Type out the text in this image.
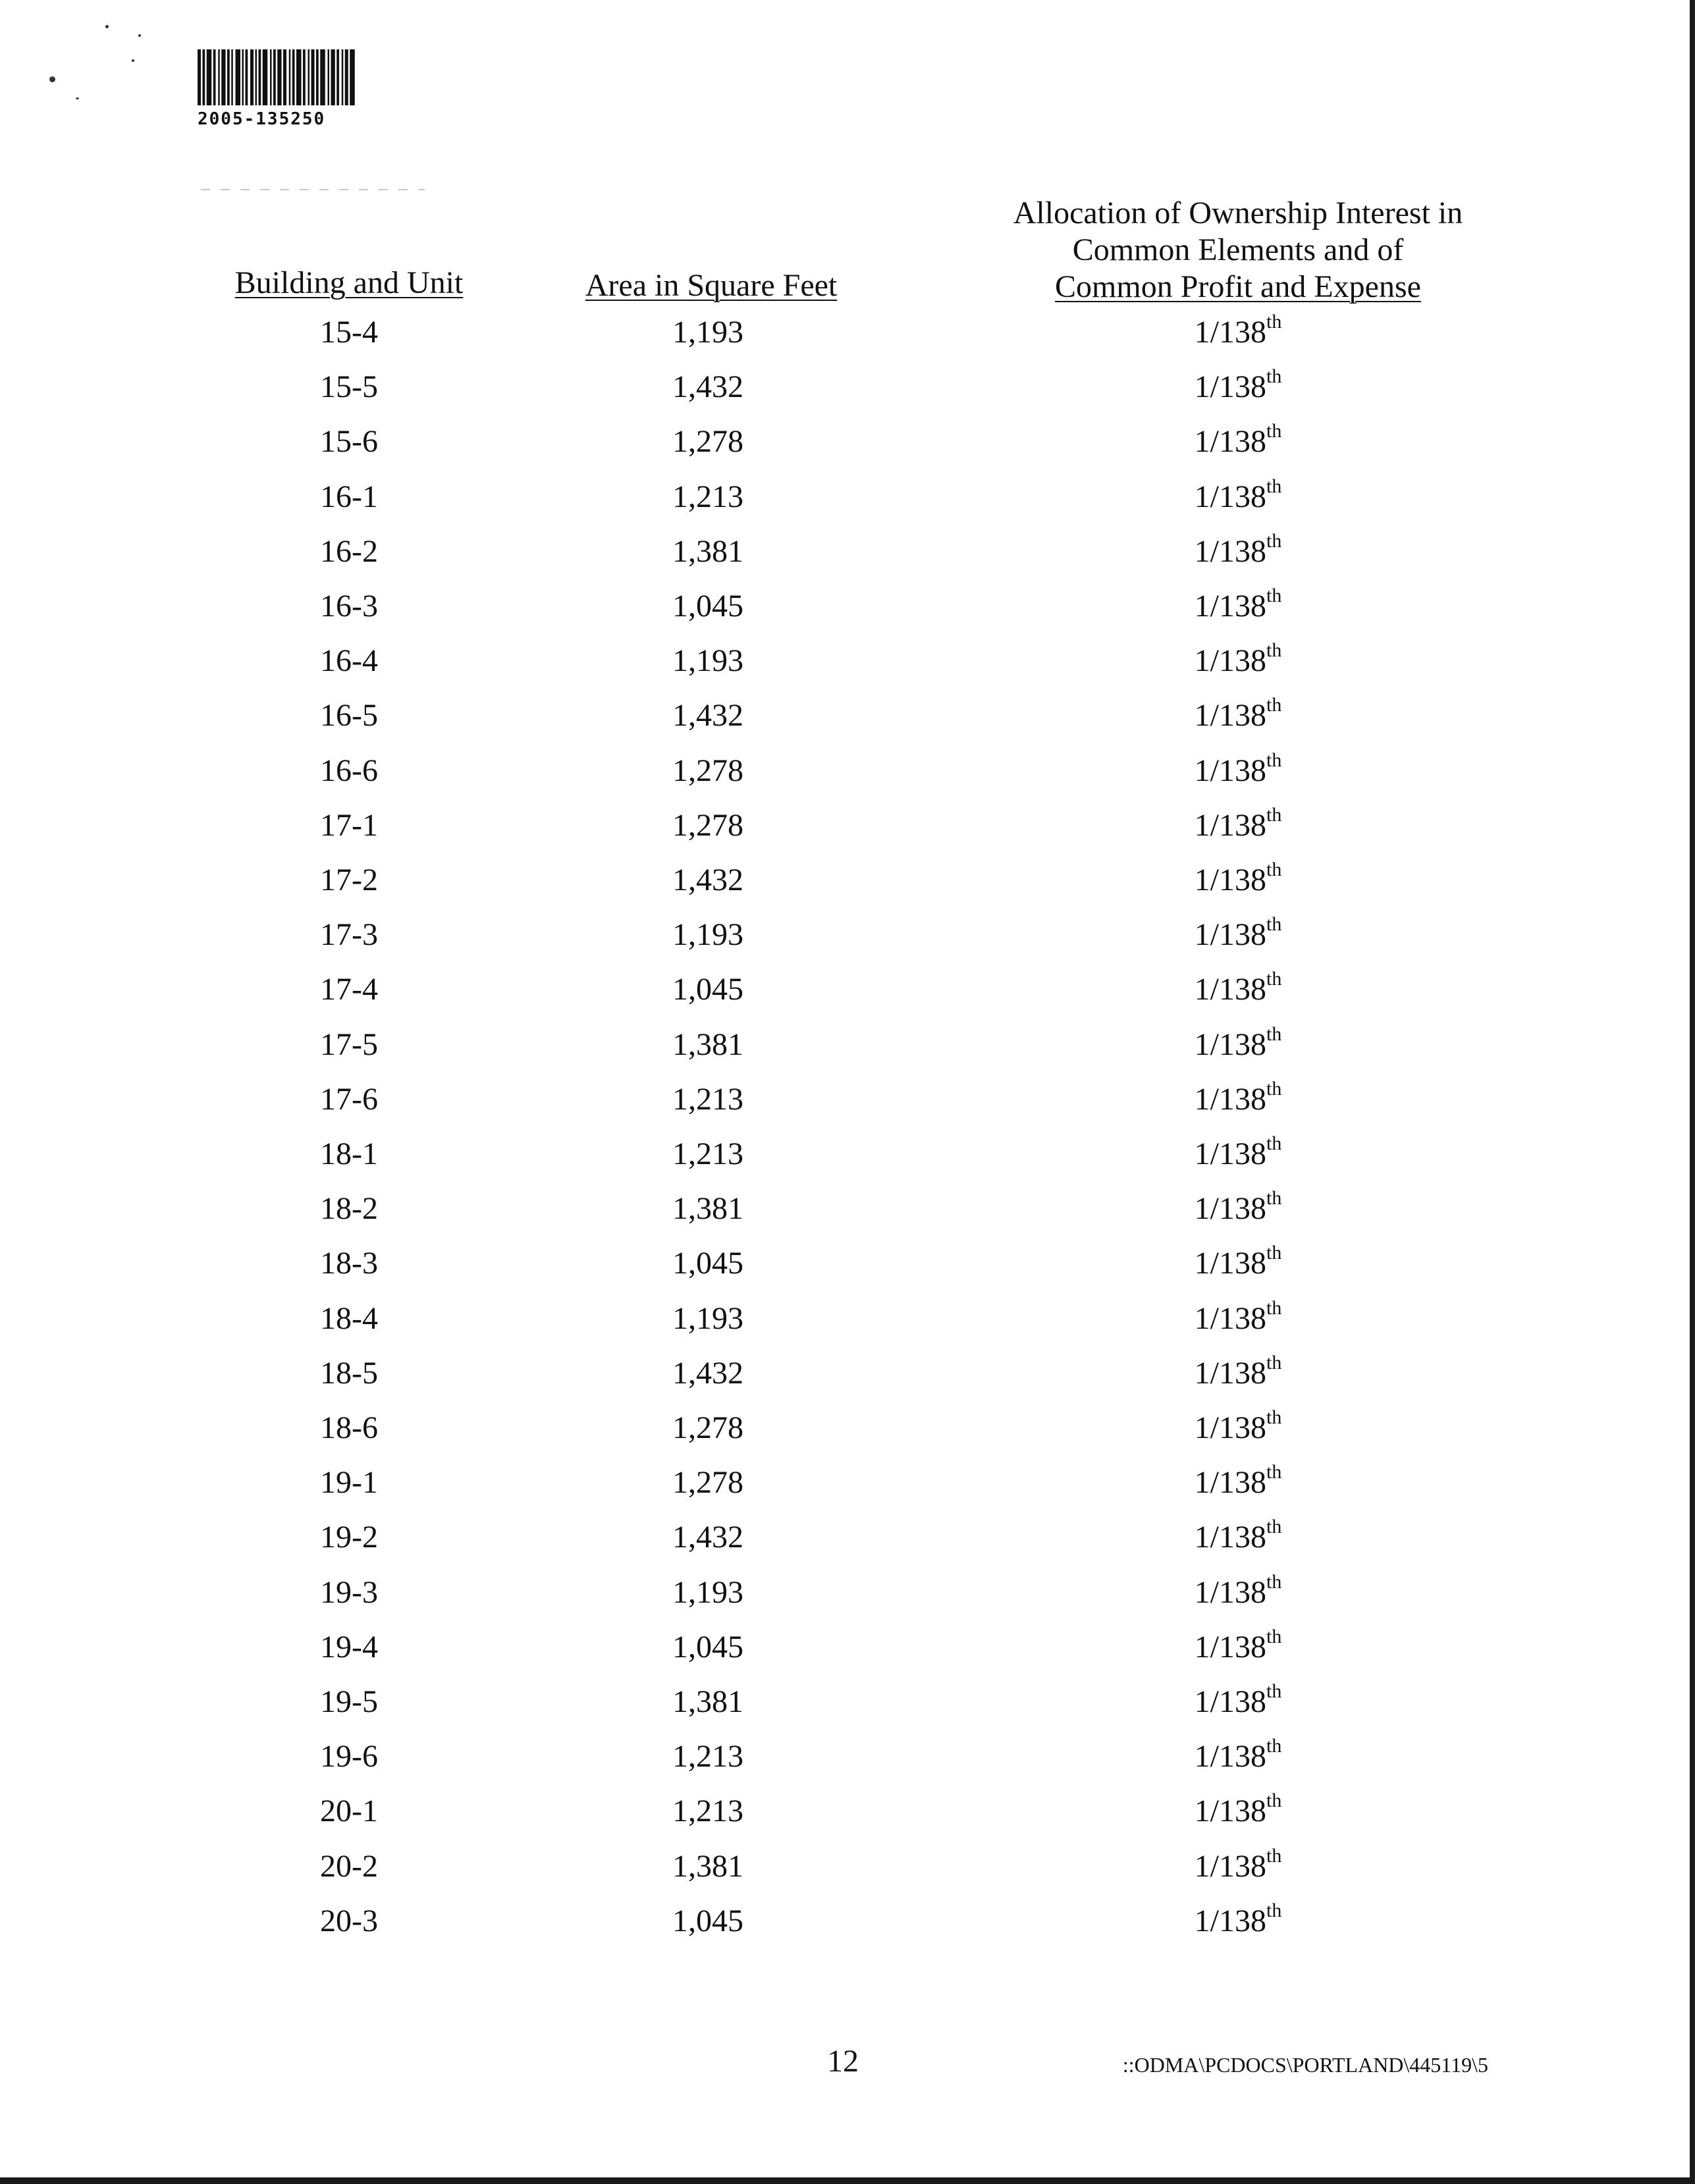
2005-135250

Building and Unit	Area in Square Feet

Allocation of Ownership Interest in
Common Elements and of
Common Profit and Expense

15-4	1,193	1/138th
15-5	1,432	1/138th
15-6	1,278	1/138th
16-1	1,213	1/138th
16-2	1,381	1/138th
16-3	1,045	1/138th
16-4	1,193	1/138th
16-5	1,432	1/138th
16-6	1,278	1/138th
17-1	1,278	1/138th
17-2	1,432	1/138th
17-3	1,193	1/138th
17-4	1,045	1/138th
17-5	1,381	1/138th
17-6	1,213	1/138th
18-1	1,213	1/138th
18-2	1,381	1/138th
18-3	1,045	1/138th
18-4	1,193	1/138th
18-5	1,432	1/138th
18-6	1,278	1/138th
19-1	1,278	1/138th
19-2	1,432	1/138th
19-3	1,193	1/138th
19-4	1,045	1/138th
19-5	1,381	1/138th
19-6	1,213	1/138th
20-1	1,213	1/138th
20-2	1,381	1/138th
20-3	1,045	1/138th

12	::ODMA\PCDOCS\PORTLAND\445119\5
